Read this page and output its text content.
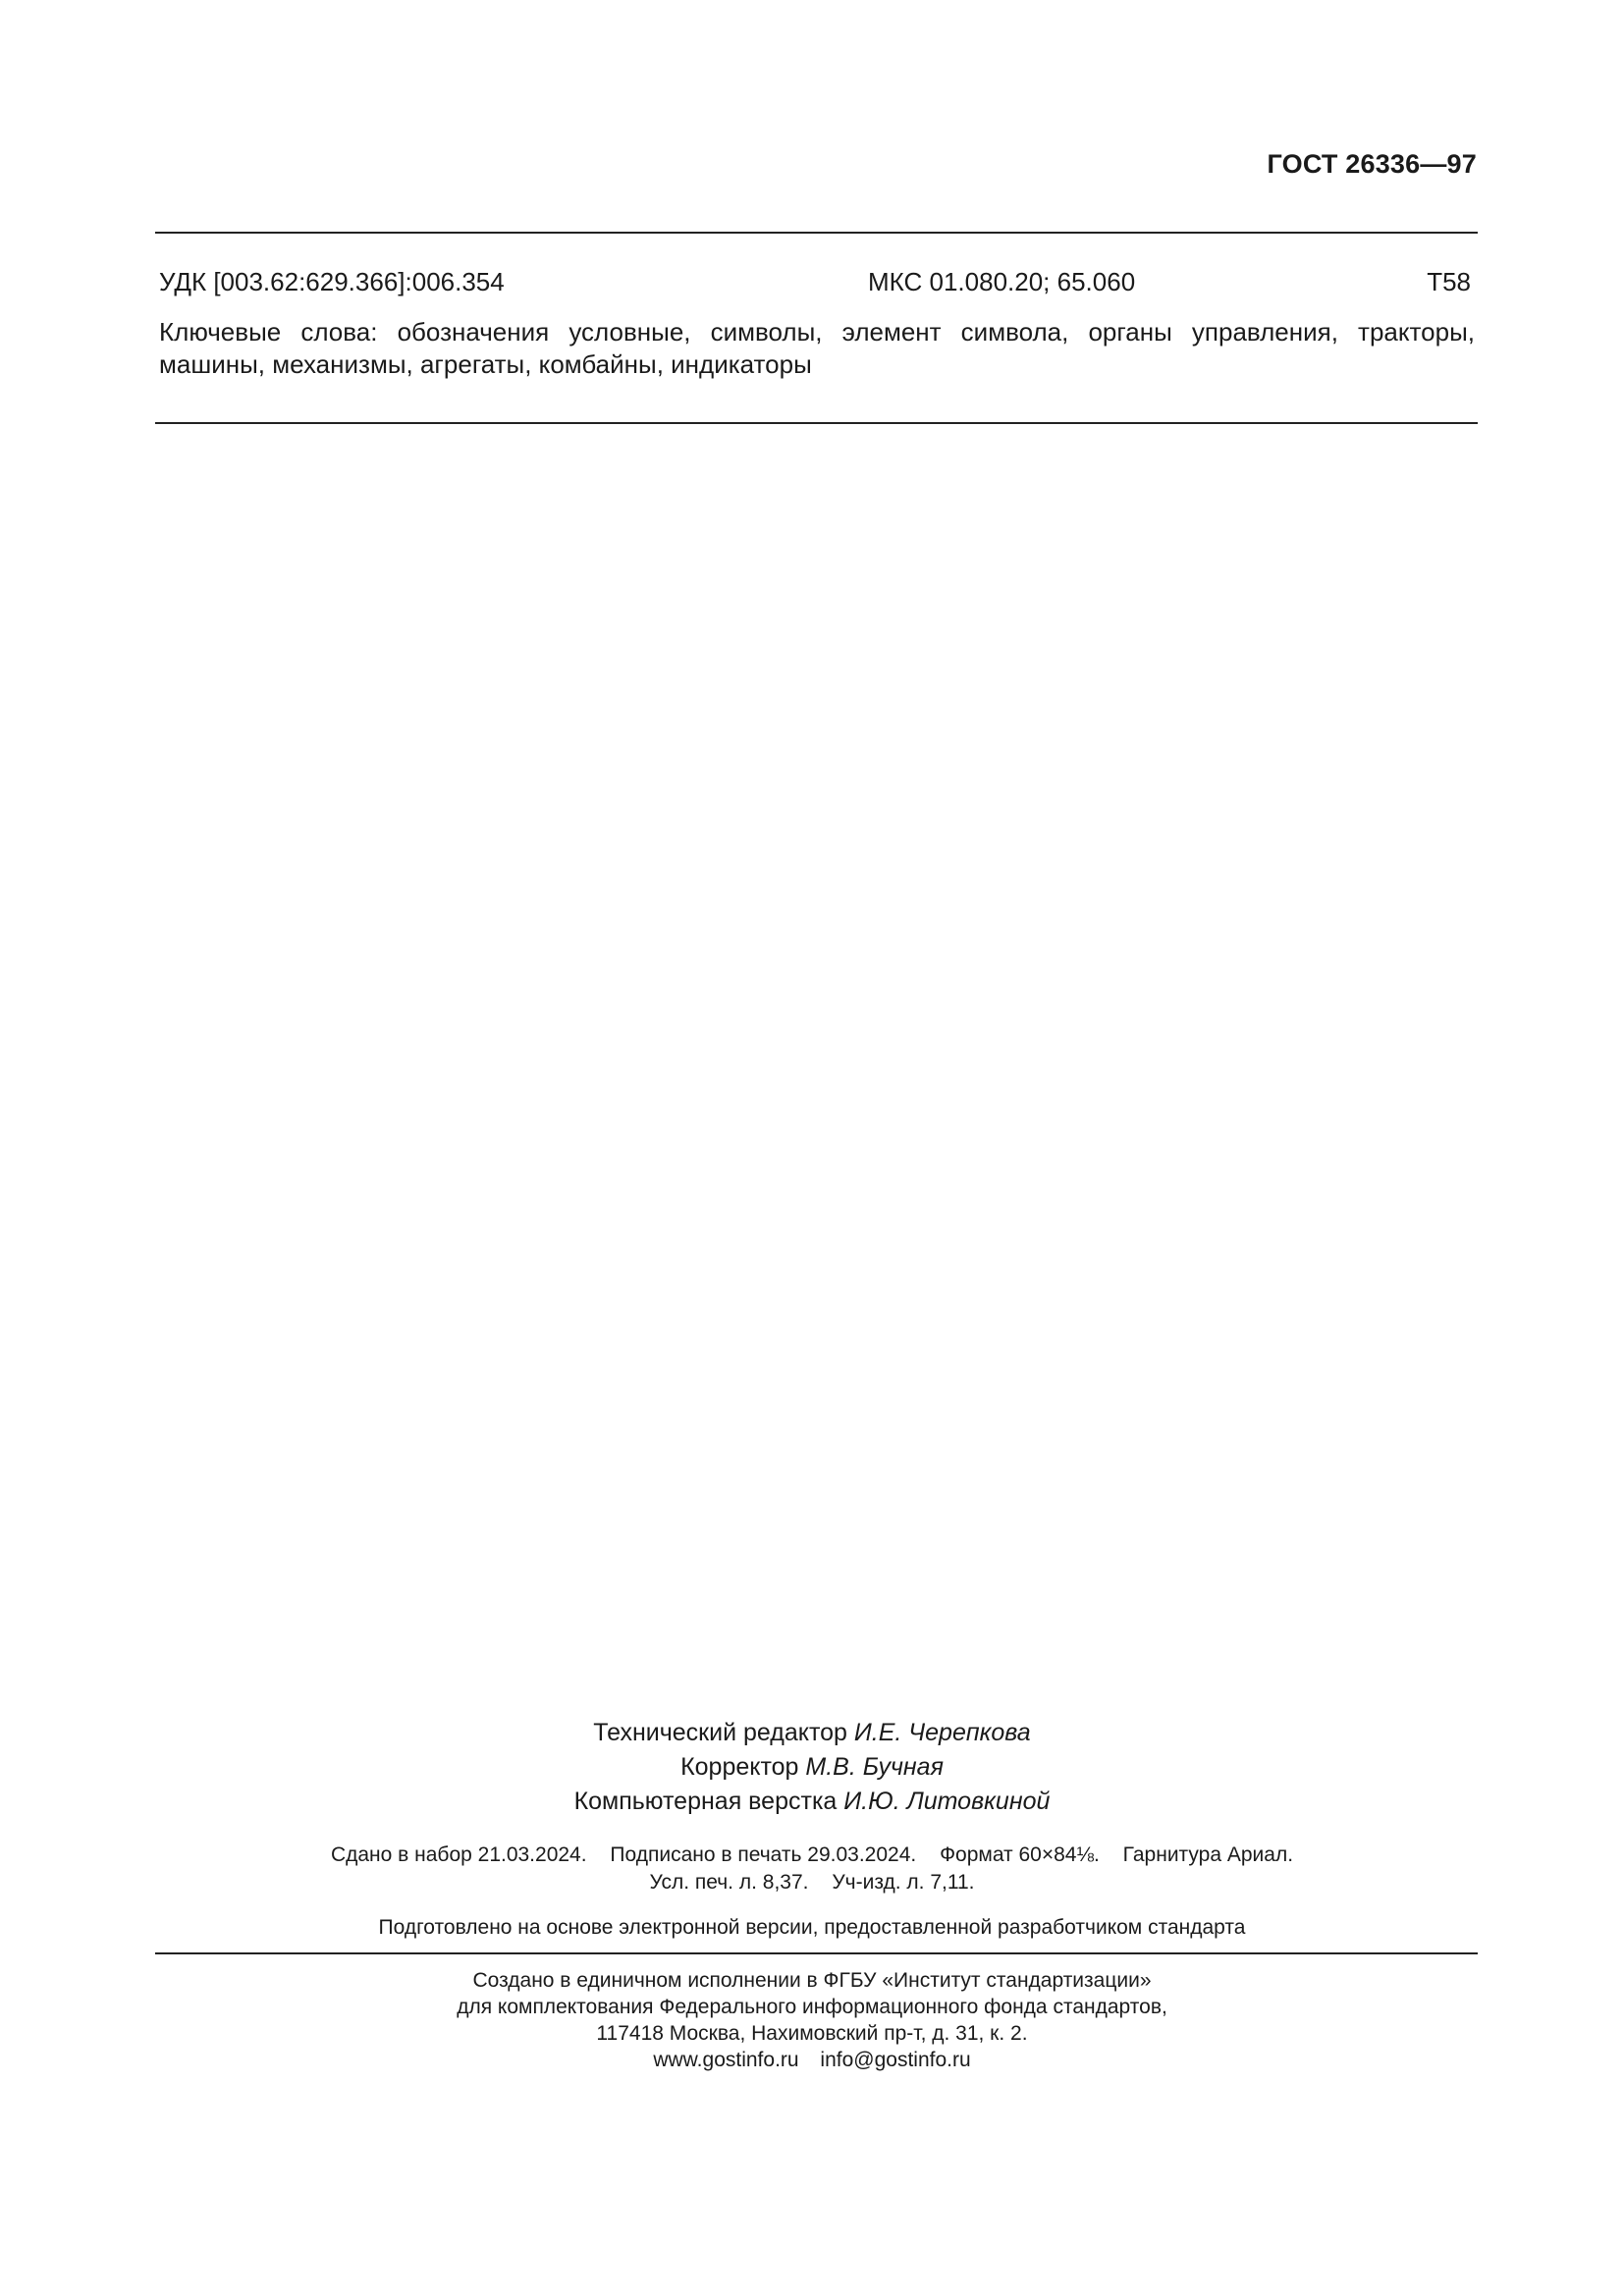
ГОСТ 26336—97
УДК [003.62:629.366]:006.354	МКС 01.080.20; 65.060	Т58
Ключевые слова: обозначения условные, символы, элемент символа, органы управления, тракторы,
машины, механизмы, агрегаты, комбайны, индикаторы
Технический редактор И.Е. Черепкова
Корректор М.В. Бучная
Компьютерная верстка И.Ю. Литовкиной
Сдано в набор 21.03.2024. Подписано в печать 29.03.2024. Формат 60×84⅛. Гарнитура Ариал.
Усл. печ. л. 8,37. Уч-изд. л. 7,11.
Подготовлено на основе электронной версии, предоставленной разработчиком стандарта
Создано в единичном исполнении в ФГБУ «Институт стандартизации»
для комплектования Федерального информационного фонда стандартов,
117418 Москва, Нахимовский пр-т, д. 31, к. 2.
www.gostinfo.ru info@gostinfo.ru
